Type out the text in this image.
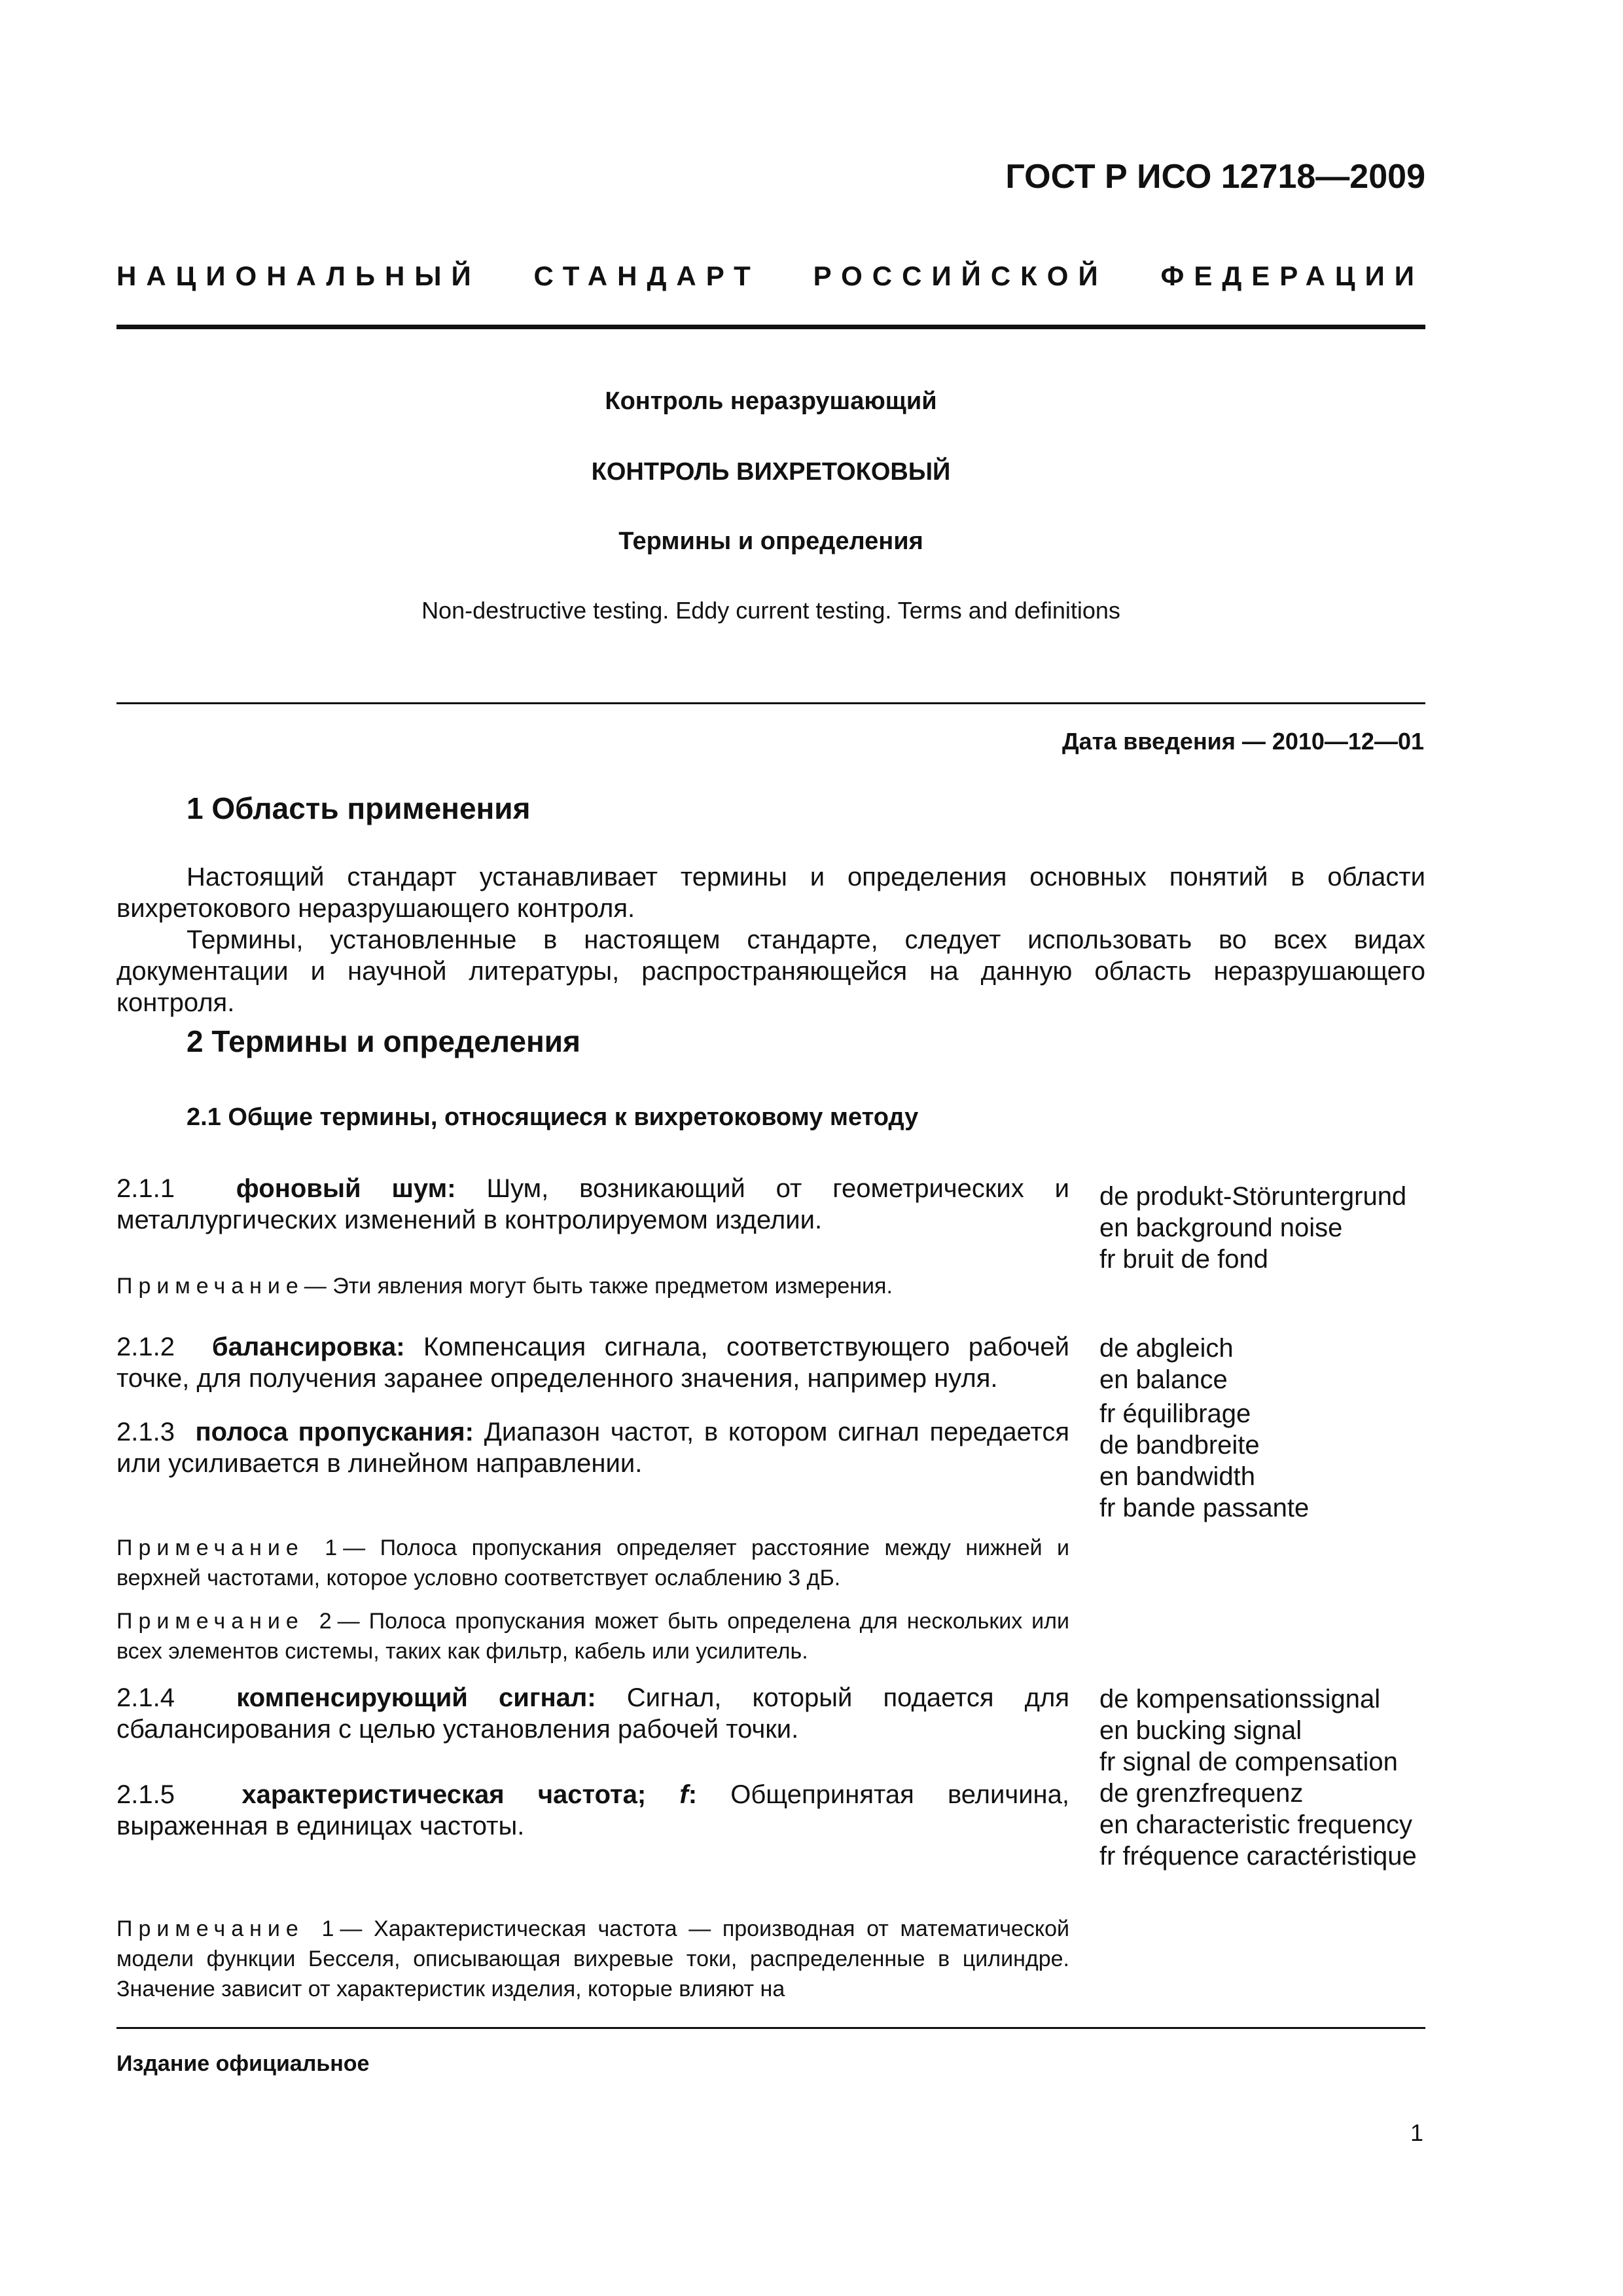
ГОСТ Р ИСО 12718—2009
НАЦИОНАЛЬНЫЙ СТАНДАРТ РОССИЙСКОЙ ФЕДЕРАЦИИ
Контроль неразрушающий
КОНТРОЛЬ ВИХРЕТОКОВЫЙ
Термины и определения
Non-destructive testing. Eddy current testing. Terms and definitions
Дата введения — 2010—12—01
1 Область применения

Настоящий стандарт устанавливает термины и определения основных понятий в области вихретокового неразрушающего контроля.

Термины, установленные в настоящем стандарте, следует использовать во всех видах документации и научной литературы, распространяющейся на данную область неразрушающего контроля.

2 Термины и определения
2.1 Общие термины, относящиеся к вихретоковому методу

2.1.1 фоновый шум: Шум, возникающий от геометрических и металлургических изменений в контролируемом изделии.

de produkt-Störuntergrund
en background noise
fr bruit de fond

Примечание— Эти явления могут быть также предметом измерения.

2.1.2 балансировка: Компенсация сигнала, соответствующего рабочей точке, для получения заранее определенного значения, например нуля.

de abgleich
en balance
fr équilibrage

2.1.3 полоса пропускания: Диапазон частот, в котором сигнал передается или усиливается в линейном направлении.

de bandbreite
en bandwidth
fr bande passante

Примечание 1— Полоса пропускания определяет расстояние между нижней и верхней частотами, которое условно соответствует ослаблению 3 дБ.

Примечание 2— Полоса пропускания может быть определена для нескольких или всех элементов системы, таких как фильтр, кабель или усилитель.

2.1.4 компенсирующий сигнал: Сигнал, который подается для сбалансирования с целью установления рабочей точки.

de kompensationssignal
en bucking signal
fr signal de compensation

2.1.5	характеристическая частота; f: Общепринятая величина, выраженная в единицах частоты.

de grenzfrequenz
en characteristic frequency
fr fréquence caractéristique

Примечание 1— Характеристическая частота — производная от математической модели функции Бесселя, описывающая вихревые токи, распределенные в цилиндре. Значение зависит от характеристик изделия, которые влияют на

Издание официальное
1
